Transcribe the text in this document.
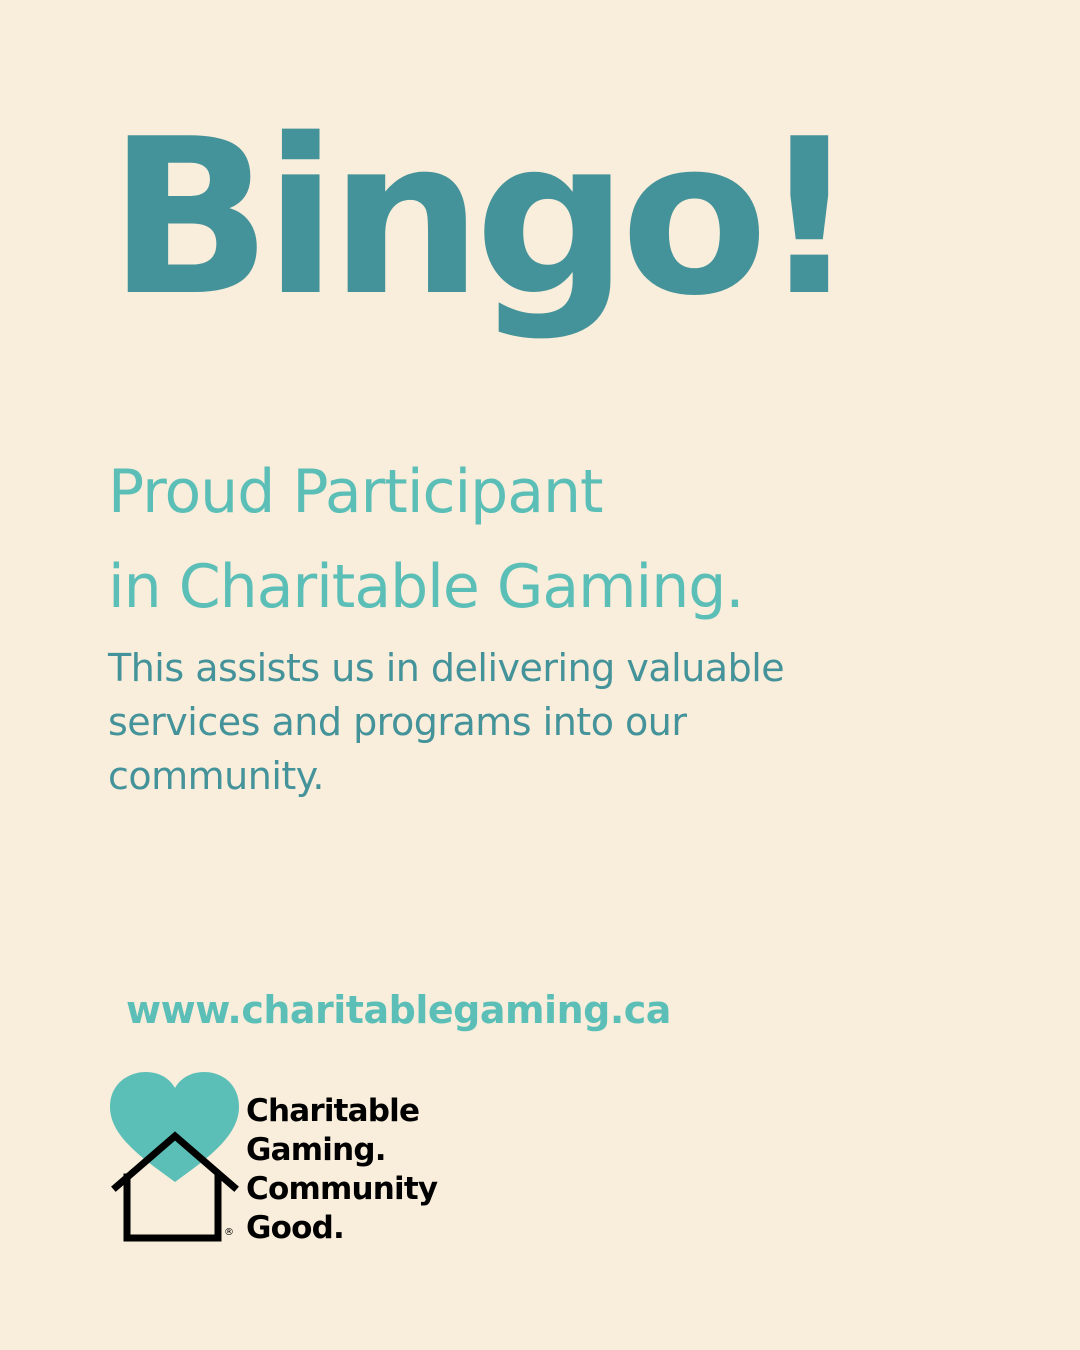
Bingo!
Proud Participant
in Charitable Gaming.

This assists us in delivering valuable
services and programs into our
community.

www.charitablegaming.ca
®
Charitable
Gaming.
Community
Good.
